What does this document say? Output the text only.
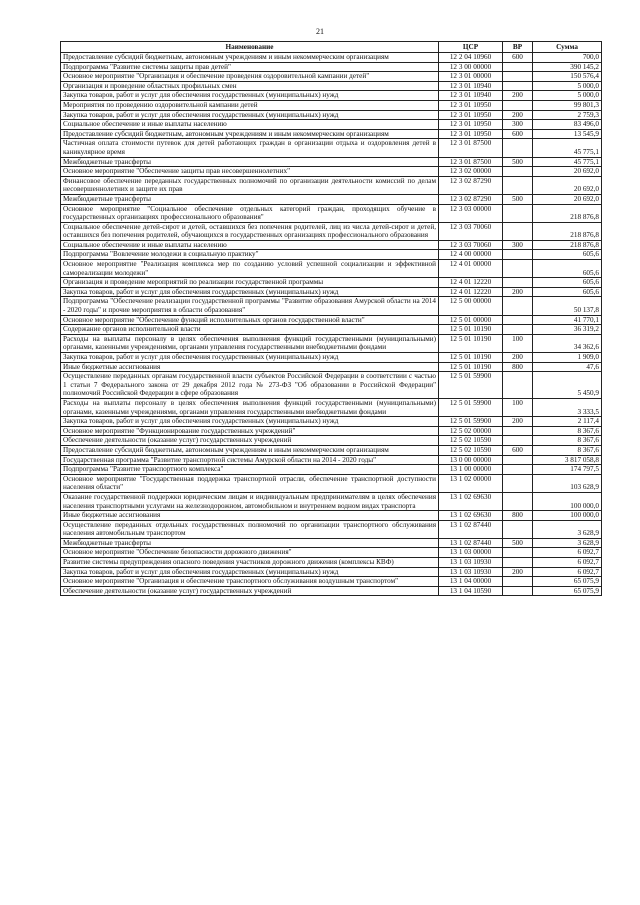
21
Наименование	ЦСР	ВР	Сумма
Предоставление субсидий бюджетным, автономным учреждениям и иным некоммерческим организациям	12 2 04 10960	600	700,0
Подпрограмма "Развитие системы защиты прав детей"	12 3 00 00000		390 145,2
Основное мероприятие "Организация и обеспечение проведения оздоровительной кампании детей"	12 3 01 00000		150 576,4
Организация и проведение областных профильных смен	12 3 01 10940		5 000,0
Закупка товаров, работ и услуг для обеспечения государственных (муниципальных) нужд	12 3 01 10940	200	5 000,0
Мероприятия по проведению оздоровительной кампании детей	12 3 01 10950		99 801,3
Закупка товаров, работ и услуг для обеспечения государственных (муниципальных) нужд	12 3 01 10950	200	2 759,3
Социальное обеспечение и иные выплаты населению	12 3 01 10950	300	83 496,0
Предоставление субсидий бюджетным, автономным учреждениям и иным некоммерческим организациям	12 3 01 10950	600	13 545,9
Частичная оплата стоимости путевок для детей работающих граждан в организации отдыха и оздоровления детей в каникулярное время	12 3 01 87500		45 775,1
Межбюджетные трансферты	12 3 01 87500	500	45 775,1
Основное мероприятие "Обеспечение защиты прав несовершеннолетних"	12 3 02 00000		20 692,0
Финансовое обеспечение переданных государственных полномочий по организации деятельности комиссий по делам несовершеннолетних и защите их прав	12 3 02 87290		20 692,0
Межбюджетные трансферты	12 3 02 87290	500	20 692,0
Основное мероприятие "Социальное обеспечение отдельных категорий граждан, проходящих обучение в государственных организациях профессионального образования"	12 3 03 00000		218 876,8
Социальное обеспечение детей-сирот и детей, оставшихся без попечения родителей, лиц из числа детей-сирот и детей, оставшихся без попечения родителей, обучающихся в государственных организациях профессионального образования	12 3 03 70060		218 876,8
Социальное обеспечение и иные выплаты населению	12 3 03 70060	300	218 876,8
Подпрограмма "Вовлечение молодежи в социальную практику"	12 4 00 00000		605,6
Основное мероприятие "Реализация комплекса мер по созданию условий успешной социализации и эффективной самореализации молодежи"	12 4 01 00000		605,6
Организация и проведение мероприятий по реализации государственной программы	12 4 01 12220		605,6
Закупка товаров, работ и услуг для обеспечения государственных (муниципальных) нужд	12 4 01 12220	200	605,6
Подпрограмма "Обеспечение реализации государственной программы "Развитие образования Амурской области на 2014 - 2020 годы" и прочие мероприятия в области образования"	12 5 00 00000		50 137,8
Основное мероприятие "Обеспечение функций исполнительных органов государственной власти"	12 5 01 00000		41 770,1
Содержание органов исполнительной власти	12 5 01 10190		36 319,2
Расходы на выплаты персоналу в целях обеспечения выполнения функций государственными (муниципальными) органами, казенными учреждениями, органами управления государственными внебюджетными фондами	12 5 01 10190	100	34 362,6
Закупка товаров, работ и услуг для обеспечения государственных (муниципальных) нужд	12 5 01 10190	200	1 909,0
Иные бюджетные ассигнования	12 5 01 10190	800	47,6
Осуществление переданных органам государственной власти субъектов Российской Федерации в соответствии с частью 1 статьи 7 Федерального закона от 29 декабря 2012 года № 273-ФЗ "Об образовании в Российской Федерации" полномочий Российской Федерации в сфере образования	12 5 01 59900		5 450,9
Расходы на выплаты персоналу в целях обеспечения выполнения функций государственными (муниципальными) органами, казенными учреждениями, органами управления государственными внебюджетными фондами	12 5 01 59900	100	3 333,5
Закупка товаров, работ и услуг для обеспечения государственных (муниципальных) нужд	12 5 01 59900	200	2 117,4
Основное мероприятие "Функционирование государственных учреждений"	12 5 02 00000		8 367,6
Обеспечение деятельности (оказание услуг) государственных учреждений	12 5 02 10590		8 367,6
Предоставление субсидий бюджетным, автономным учреждениям и иным некоммерческим организациям	12 5 02 10590	600	8 367,6
Государственная программа "Развитие транспортной системы Амурской области на 2014 - 2020 годы"	13 0 00 00000		3 817 058,8
Подпрограмма "Развитие транспортного комплекса"	13 1 00 00000		174 797,5
Основное мероприятие "Государственная поддержка транспортной отрасли, обеспечение транспортной доступности населения области"	13 1 02 00000		103 628,9
Оказание государственной поддержки юридическим лицам и индивидуальным предпринимателям в целях обеспечения населения транспортными услугами на железнодорожном, автомобильном и внутреннем водном видах транспорта	13 1 02 69630		100 000,0
Иные бюджетные ассигнования	13 1 02 69630	800	100 000,0
Осуществление переданных отдельных государственных полномочий по организации транспортного обслуживания населения автомобильным транспортом	13 1 02 87440		3 628,9
Межбюджетные трансферты	13 1 02 87440	500	3 628,9
Основное мероприятие "Обеспечение безопасности дорожного движения"	13 1 03 00000		6 092,7
Развитие системы предупреждения опасного поведения участников дорожного движения (комплексы КВФ)	13 1 03 10930		6 092,7
Закупка товаров, работ и услуг для обеспечения государственных (муниципальных) нужд	13 1 03 10930	200	6 092,7
Основное мероприятие "Организация и обеспечение транспортного обслуживания воздушным транспортом"	13 1 04 00000		65 075,9
Обеспечение деятельности (оказание услуг) государственных учреждений	13 1 04 10590		65 075,9
